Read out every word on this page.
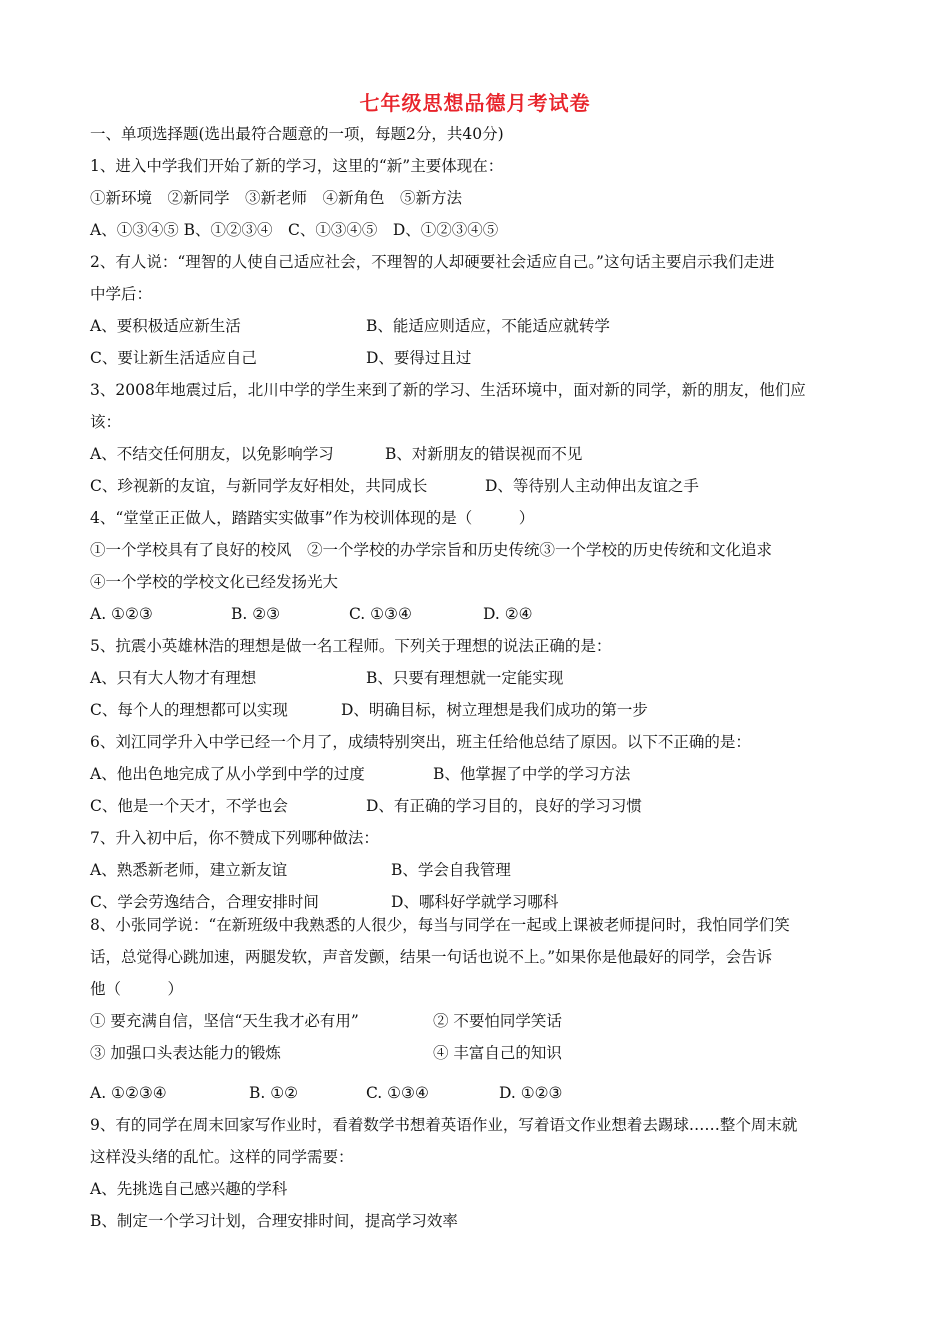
七年级思想品德月考试卷
一、单项选择题(选出最符合题意的一项，每题2分，共40分)
1、进入中学我们开始了新的学习，这里的“新”主要体现在：
①新环境　②新同学　③新老师　④新角色　⑤新方法
A、①③④⑤ B、①②③④　C、①③④⑤　D、①②③④⑤
2、有人说：“理智的人使自己适应社会，不理智的人却硬要社会适应自己。”这句话主要启示我们走进
中学后：
A、要积极适应新生活	B、能适应则适应，不能适应就转学
C、要让新生活适应自己	D、要得过且过
3、2008年地震过后，北川中学的学生来到了新的学习、生活环境中，面对新的同学，新的朋友，他们应
该：
A、不结交任何朋友，以免影响学习	B、对新朋友的错误视而不见
C、珍视新的友谊，与新同学友好相处，共同成长	D、等待别人主动伸出友谊之手
4、“堂堂正正做人，踏踏实实做事”作为校训体现的是（　　　）
①一个学校具有了良好的校风　②一个学校的办学宗旨和历史传统③一个学校的历史传统和文化追求
④一个学校的学校文化已经发扬光大
A. ①②③	B. ②③	C. ①③④	D. ②④
5、抗震小英雄林浩的理想是做一名工程师。下列关于理想的说法正确的是：
A、只有大人物才有理想	B、只要有理想就一定能实现
C、每个人的理想都可以实现	D、明确目标，树立理想是我们成功的第一步
6、刘江同学升入中学已经一个月了，成绩特别突出，班主任给他总结了原因。以下不正确的是：
A、他出色地完成了从小学到中学的过度	B、他掌握了中学的学习方法
C、他是一个天才，不学也会	D、有正确的学习目的，良好的学习习惯
7、升入初中后，你不赞成下列哪种做法：
A、熟悉新老师，建立新友谊	B、学会自我管理
C、学会劳逸结合，合理安排时间	D、哪科好学就学习哪科
8、小张同学说：“在新班级中我熟悉的人很少，每当与同学在一起或上课被老师提问时，我怕同学们笑
话，总觉得心跳加速，两腿发软，声音发颤，结果一句话也说不上。”如果你是他最好的同学，会告诉
他（　　　）
① 要充满自信，坚信“天生我才必有用”	② 不要怕同学笑话
③ 加强口头表达能力的锻炼	④ 丰富自己的知识
A. ①②③④	B. ①②	C. ①③④	D. ①②③
9、有的同学在周末回家写作业时，看着数学书想着英语作业，写着语文作业想着去踢球……整个周末就
这样没头绪的乱忙。这样的同学需要：
A、先挑选自己感兴趣的学科
B、制定一个学习计划，合理安排时间，提高学习效率
